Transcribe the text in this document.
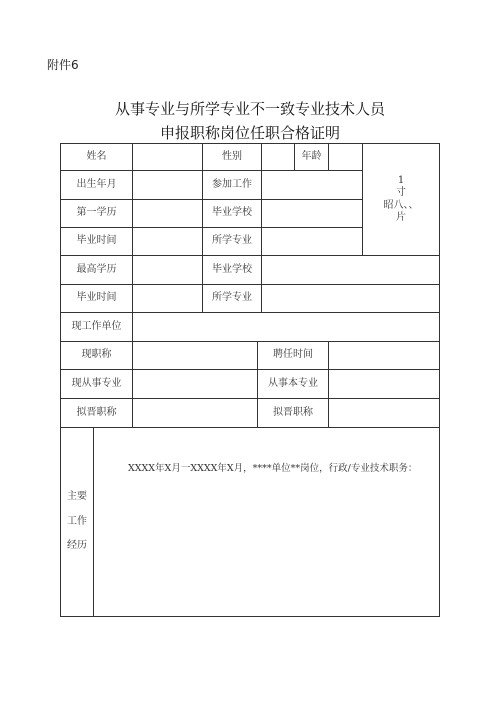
附件6
从事专业与所学专业不一致专业技术人员
申报职称岗位任职合格证明
姓名	性别	年龄
1
寸
昭八、、
片
出生年月	参加工作
第一学历	毕业学校
毕业时间	所学专业
最高学历	毕业学校
毕业时间	所学专业
现工作单位
现职称	聘任时间
现从事专业	从事本专业
拟晋职称	拟晋职称
主要
工作
经历
XXXX年X月一XXXX年X月，****单位**岗位，行政/专业技术职务：
